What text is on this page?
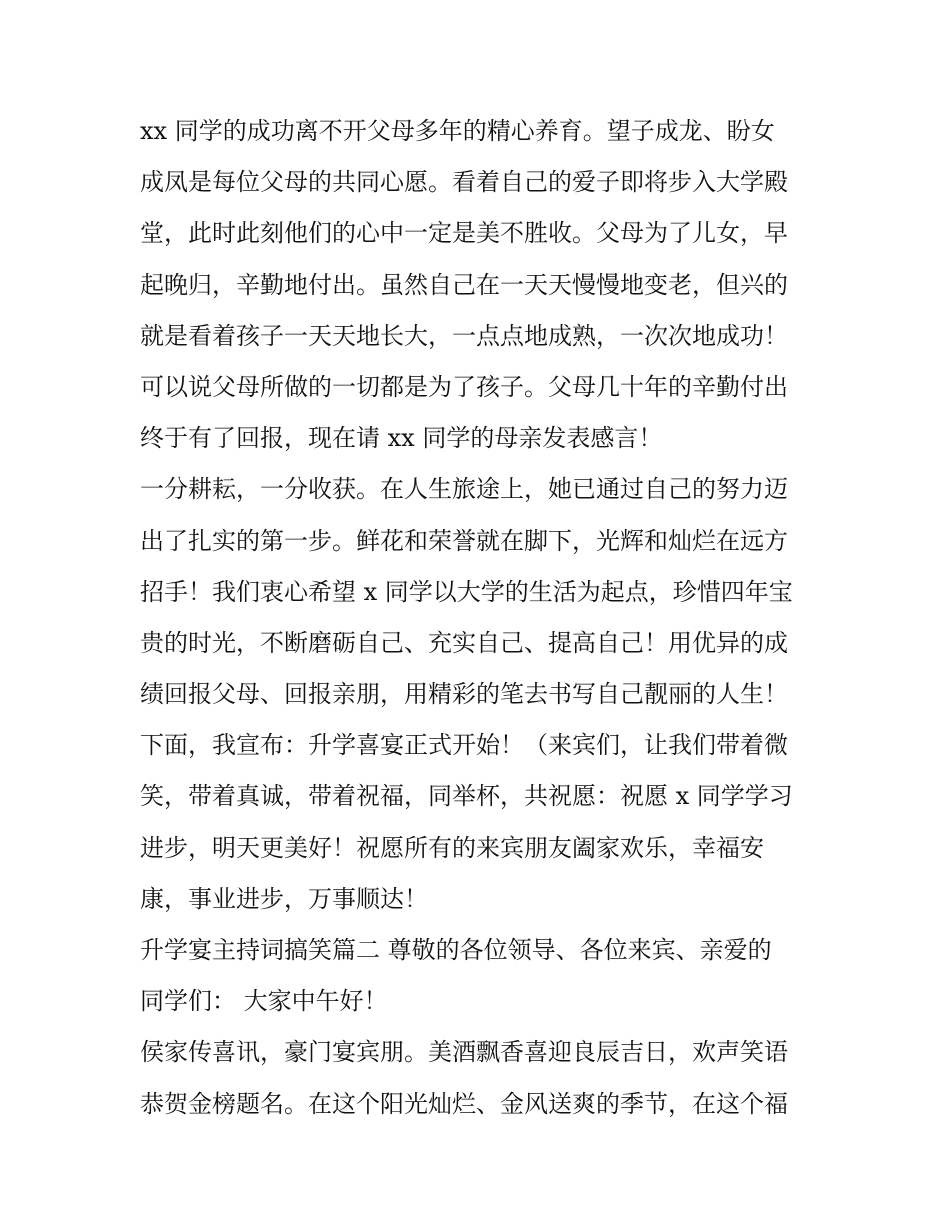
xx 同学的成功离不开父母多年的精心养育。望子成龙、盼女
成凤是每位父母的共同心愿。看着自己的爱子即将步入大学殿
堂，此时此刻他们的心中一定是美不胜收。父母为了儿女，早
起晚归，辛勤地付出。虽然自己在一天天慢慢地变老，但兴的
就是看着孩子一天天地长大，一点点地成熟，一次次地成功！
可以说父母所做的一切都是为了孩子。父母几十年的辛勤付出
终于有了回报，现在请 xx 同学的母亲发表感言！
一分耕耘，一分收获。在人生旅途上，她已通过自己的努力迈
出了扎实的第一步。鲜花和荣誉就在脚下，光辉和灿烂在远方
招手！我们衷心希望 x 同学以大学的生活为起点，珍惜四年宝
贵的时光，不断磨砺自己、充实自己、提高自己！用优异的成
绩回报父母、回报亲朋，用精彩的笔去书写自己靓丽的人生！
下面，我宣布：升学喜宴正式开始！（来宾们，让我们带着微
笑，带着真诚，带着祝福，同举杯，共祝愿：祝愿 x 同学学习
进步，明天更美好！祝愿所有的来宾朋友阖家欢乐，幸福安
康，事业进步，万事顺达！
升学宴主持词搞笑篇二 尊敬的各位领导、各位来宾、亲爱的
同学们： 大家中午好！
侯家传喜讯，豪门宴宾朋。美酒飘香喜迎良辰吉日，欢声笑语
恭贺金榜题名。在这个阳光灿烂、金风送爽的季节，在这个福
